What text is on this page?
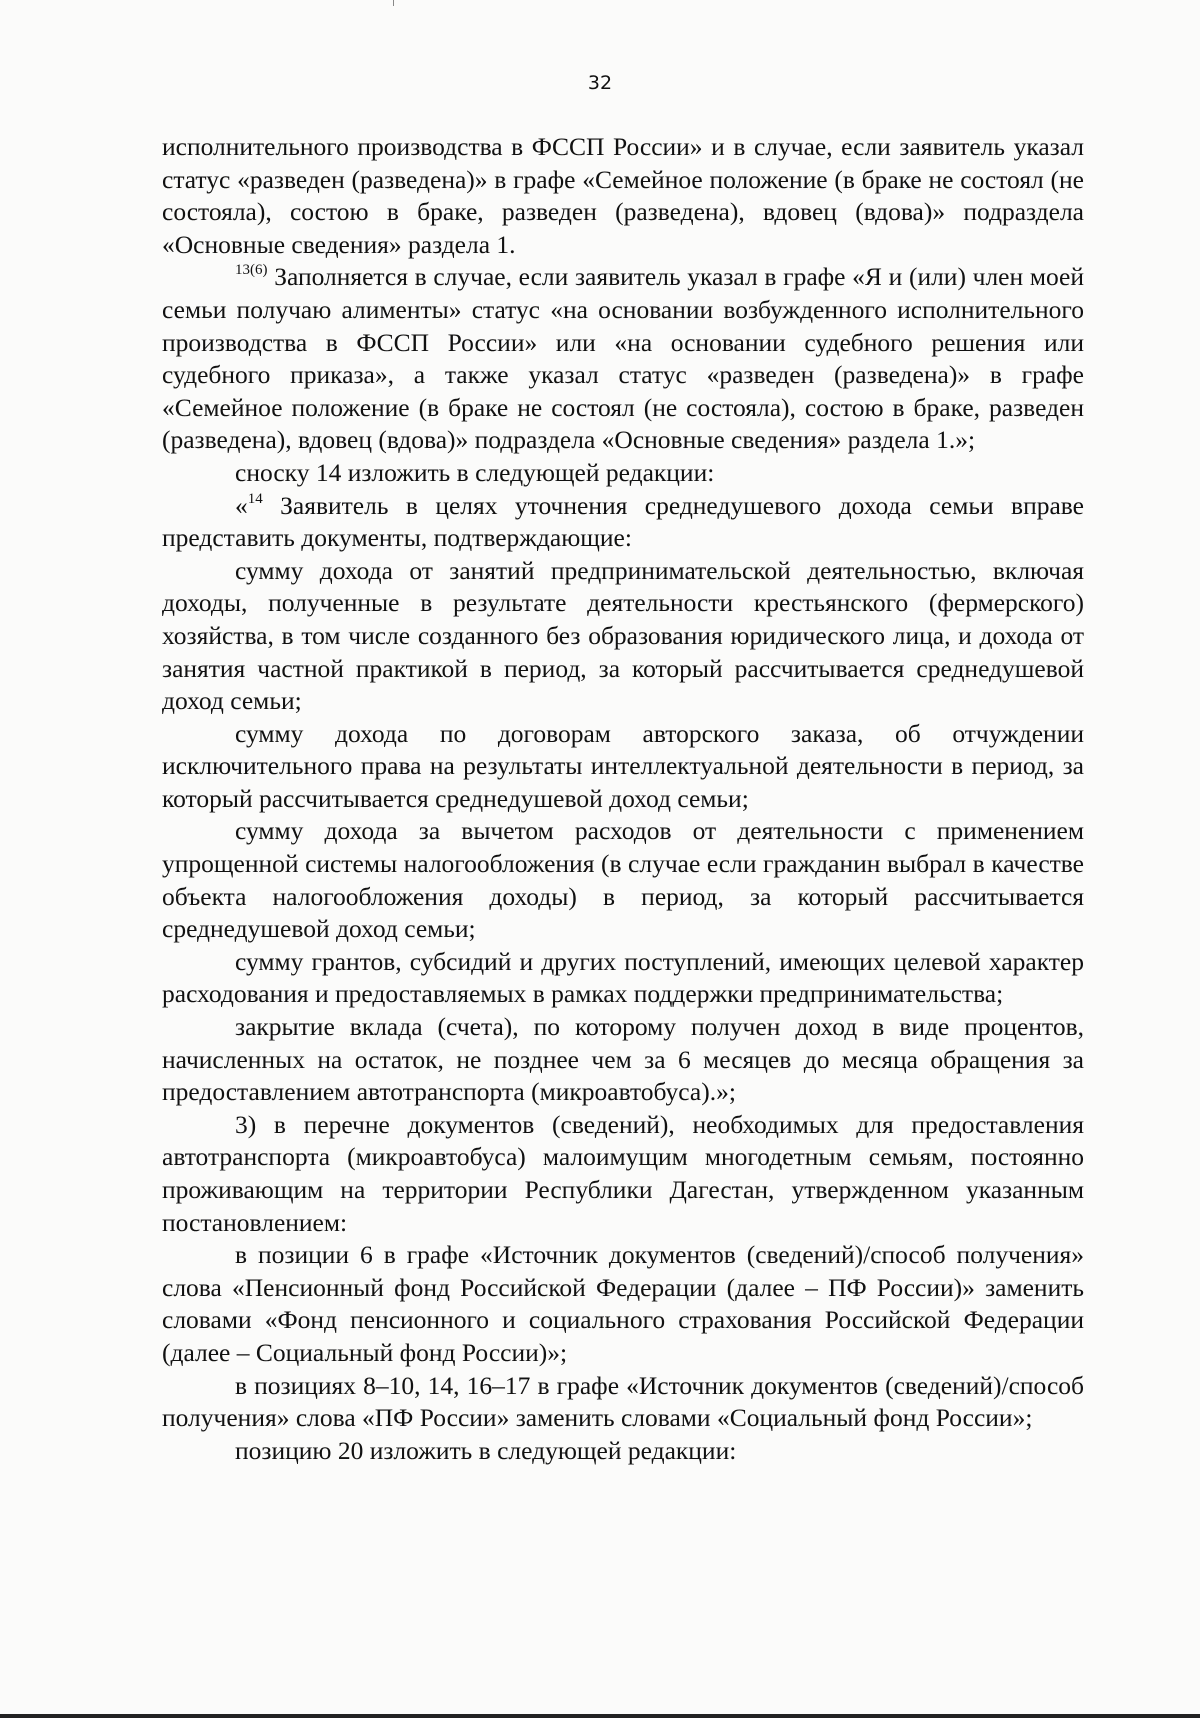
32

исполнительного производства в ФССП России» и в случае, если заявитель указал статус «разведен (разведена)» в графе «Семейное положение (в браке не состоял (не состояла), состою в браке, разведен (разведена), вдовец (вдова)» подраздела «Основные сведения» раздела 1.

$^{13(6)}$ Заполняется в случае, если заявитель указал в графе «Я и (или) член моей семьи получаю алименты» статус «на основании возбужденного исполнительного производства в ФССП России» или «на основании судебного решения или судебного приказа», а также указал статус «разведен (разведена)» в графе «Семейное положение (в браке не состоял (не состояла), состою в браке, разведен (разведена), вдовец (вдова)» подраздела «Основные сведения» раздела 1.»;

сноску 14 изложить в следующей редакции:

«$^{14}$ Заявитель в целях уточнения среднедушевого дохода семьи вправе представить документы, подтверждающие:

сумму дохода от занятий предпринимательской деятельностью, включая доходы, полученные в результате деятельности крестьянского (фермерского) хозяйства, в том числе созданного без образования юридического лица, и дохода от занятия частной практикой в период, за который рассчитывается среднедушевой доход семьи;

сумму дохода по договорам авторского заказа, об отчуждении исключительного права на результаты интеллектуальной деятельности в период, за который рассчитывается среднедушевой доход семьи;

сумму дохода за вычетом расходов от деятельности с применением упрощенной системы налогообложения (в случае если гражданин выбрал в качестве объекта налогообложения доходы) в период, за который рассчитывается среднедушевой доход семьи;

сумму грантов, субсидий и других поступлений, имеющих целевой характер расходования и предоставляемых в рамках поддержки предпринимательства;

закрытие вклада (счета), по которому получен доход в виде процентов, начисленных на остаток, не позднее чем за 6 месяцев до месяца обращения за предоставлением автотранспорта (микроавтобуса).»;

3) в перечне документов (сведений), необходимых для предоставления автотранспорта (микроавтобуса) малоимущим многодетным семьям, постоянно проживающим на территории Республики Дагестан, утвержденном указанным постановлением:

в позиции 6 в графе «Источник документов (сведений)/способ получения» слова «Пенсионный фонд Российской Федерации (далее – ПФ России)» заменить словами «Фонд пенсионного и социального страхования Российской Федерации (далее – Социальный фонд России)»;

в позициях 8–10, 14, 16–17 в графе «Источник документов (сведений)/способ получения» слова «ПФ России» заменить словами «Социальный фонд России»;

позицию 20 изложить в следующей редакции:
